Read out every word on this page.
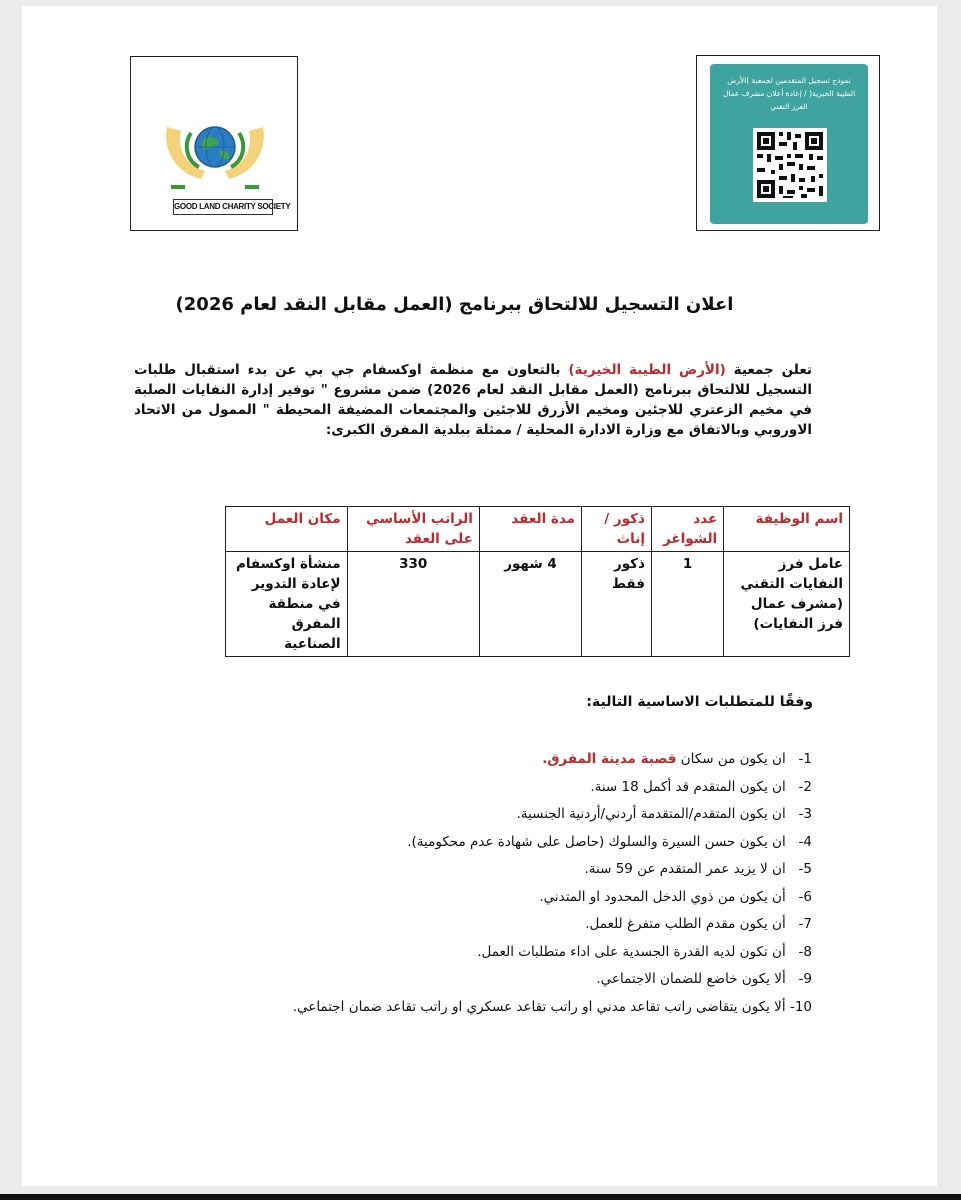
GOOD LAND CHARITY SOCIETY
نموذج تسجيل المتقدمين لجمعية )الأرض الطيبة الخيرية( / إعادة أعلان مشرف عمال الفرز التقني
اعلان التسجيل للالتحاق ببرنامج (العمل مقابل النقد لعام 2026)
تعلن جمعية (الأرض الطيبة الخيرية) بالتعاون مع منظمة اوكسفام جي بي عن بدء استقبال طلبات التسجيل للالتحاق ببرنامج (العمل مقابل النقد لعام 2026) ضمن مشروع " توفير إدارة النفايات الصلبة في مخيم الزعتري للاجئين ومخيم الأزرق للاجئين والمجتمعات المضيفة المحيطة " الممول من الاتحاد الاوروبي وبالاتفاق مع وزارة الادارة المحلية / ممثلة ببلدية المفرق الكبرى:
اسم الوظيفة	عدد الشواغر	ذكور / إناث	مدة العقد	الراتب الأساسي على العقد	مكان العمل
عامل فرز النفايات التقني (مشرف عمال فرز النفايات)	1	ذكور فقط	4 شهور	330	منشأة اوكسفام لإعادة التدوير في منطقة المفرق الصناعية
وفقًا للمتطلبات الاساسية التالية:
1- ان يكون من سكان قصبة مدينة المفرق.
2- ان يكون المتقدم قد أكمل 18 سنة.
3- ان يكون المتقدم/المتقدمة أردني/أردنية الجنسية.
4- ان يكون حسن السيرة والسلوك (حاصل على شهادة عدم محكومية).
5- ان لا يزيد عمر المتقدم عن 59 سنة.
6- أن يكون من ذوي الدخل المحدود او المتدني.
7- أن يكون مقدم الطلب متفرغ للعمل.
8- أن تكون لديه القدرة الجسدية على اداء متطلبات العمل.
9- ألا يكون خاضع للضمان الاجتماعي.
10- ألا يكون يتقاضى راتب تقاعد مدني او راتب تقاعد عسكري او راتب تقاعد ضمان اجتماعي.
